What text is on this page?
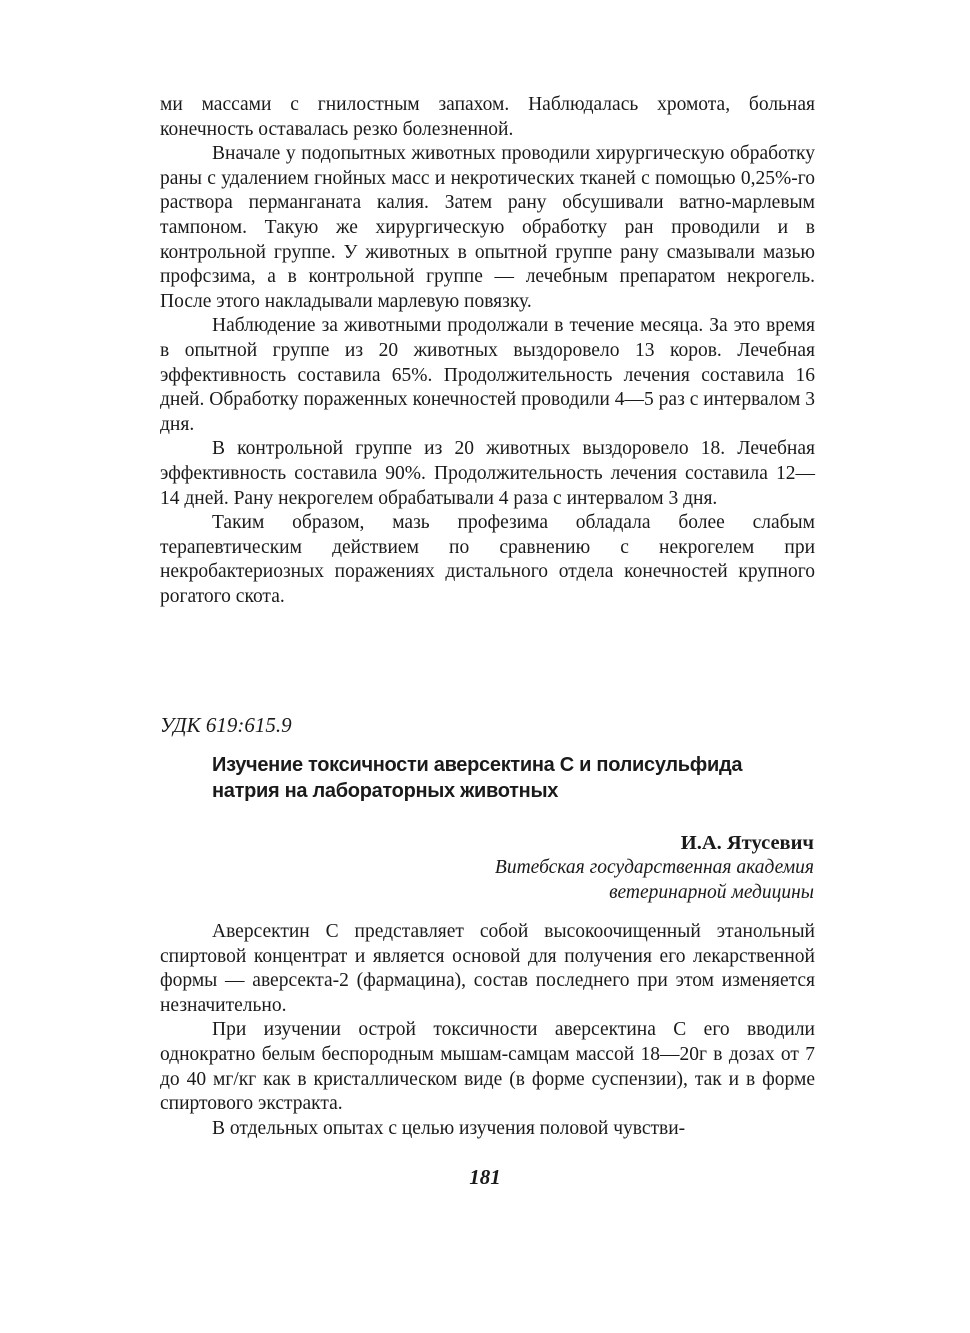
ми массами с гнилостным запахом. Наблюдалась хромота, больная конечность оставалась резко болезненной.

Вначале у подопытных животных проводили хирургическую обработку раны с удалением гнойных масс и некротических тканей с помощью 0,25%-го раствора перманганата калия. Затем рану обсушивали ватно-марлевым тампоном. Такую же хирургическую обработку ран проводили и в контрольной группе. У животных в опытной группе рану смазывали мазью профсзима, а в контрольной группе — лечебным препаратом некрогель. После этого накладывали марлевую повязку.

Наблюдение за животными продолжали в течение месяца. За это время в опытной группе из 20 животных выздоровело 13 коров. Лечебная эффективность составила 65%. Продолжительность лечения составила 16 дней. Обработку пораженных конечностей проводили 4—5 раз с интервалом 3 дня.

В контрольной группе из 20 животных выздоровело 18. Лечебная эффективность составила 90%. Продолжительность лечения составила 12—14 дней. Рану некрогелем обрабатывали 4 раза с интервалом 3 дня.

Таким образом, мазь профезима обладала более слабым терапевтическим действием по сравнению с некрогелем при некробактериозных поражениях дистального отдела конечностей крупного рогатого скота.

УДК 619:615.9

Изучение токсичности аверсектина С и полисульфида натрия на лабораторных животных

И.А. Ятусевич

Витебская государственная академия ветеринарной медицины

Аверсектин С представляет собой высокоочищенный этанольный спиртовой концентрат и является основой для получения его лекарственной формы — аверсекта-2 (фармацина), состав последнего при этом изменяется незначительно.

При изучении острой токсичности аверсектина С его вводили однократно белым беспородным мышам-самцам массой 18—20г в дозах от 7 до 40 мг/кг как в кристаллическом виде (в форме суспензии), так и в форме спиртового экстракта.

В отдельных опытах с целью изучения половой чувстви-

181
